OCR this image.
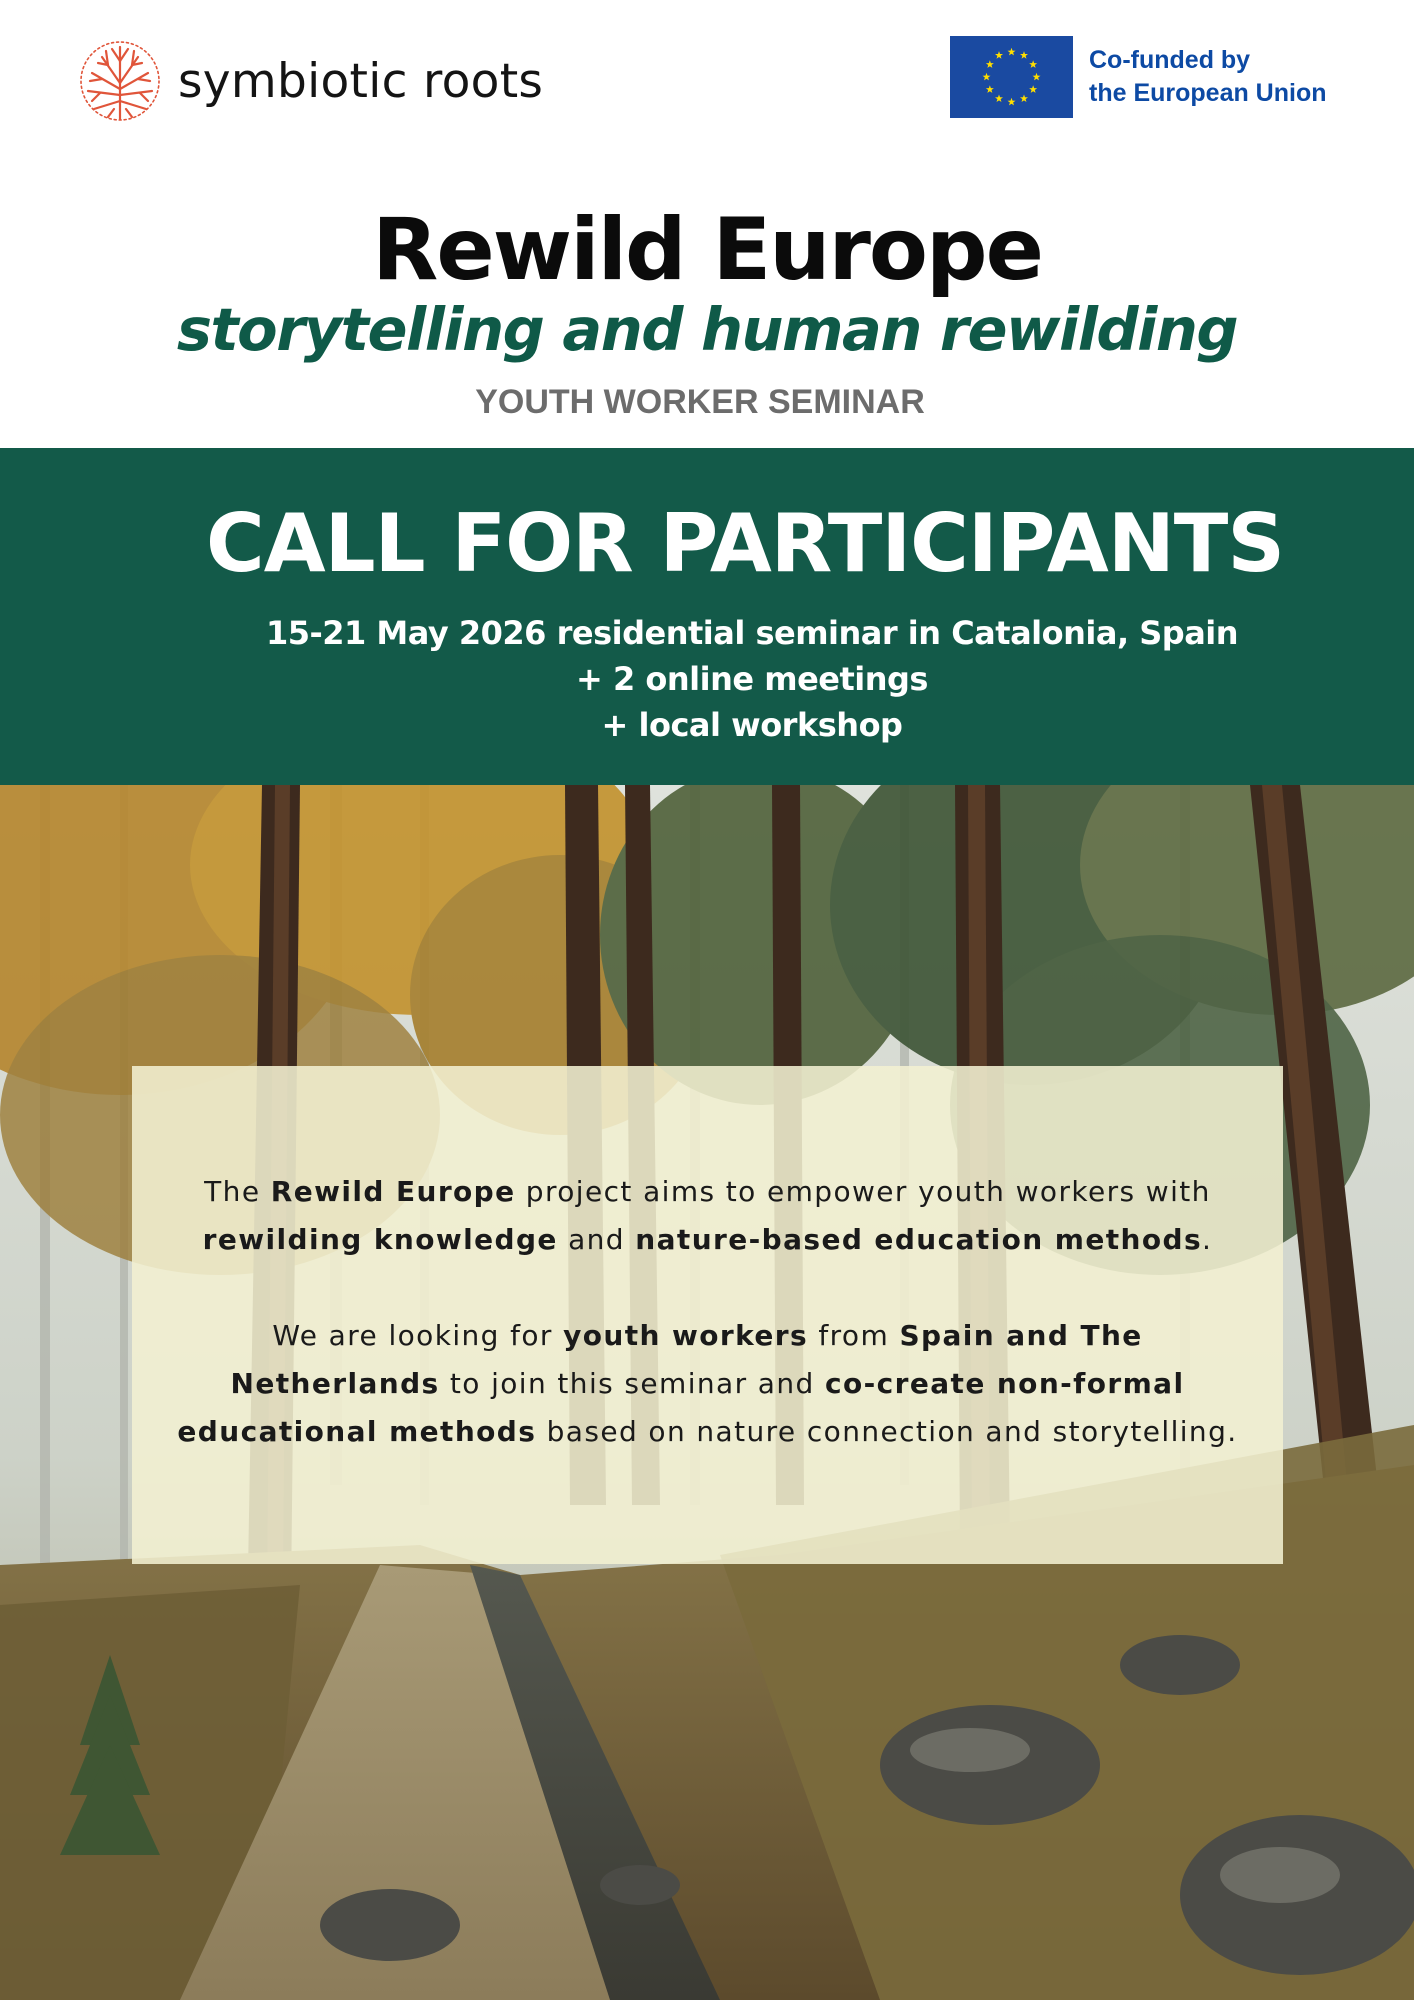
symbiotic roots	Co-funded by
the European Union
Rewild Europe
storytelling and human rewilding
YOUTH WORKER SEMINAR
CALL FOR PARTICIPANTS
15-21 May 2026 residential seminar in Catalonia, Spain
+ 2 online meetings
+ local workshop

The Rewild Europe project aims to empower youth workers with rewilding knowledge and nature-based education methods.

We are looking for youth workers from Spain and The Netherlands to join this seminar and co-create non-formal educational methods based on nature connection and storytelling.
